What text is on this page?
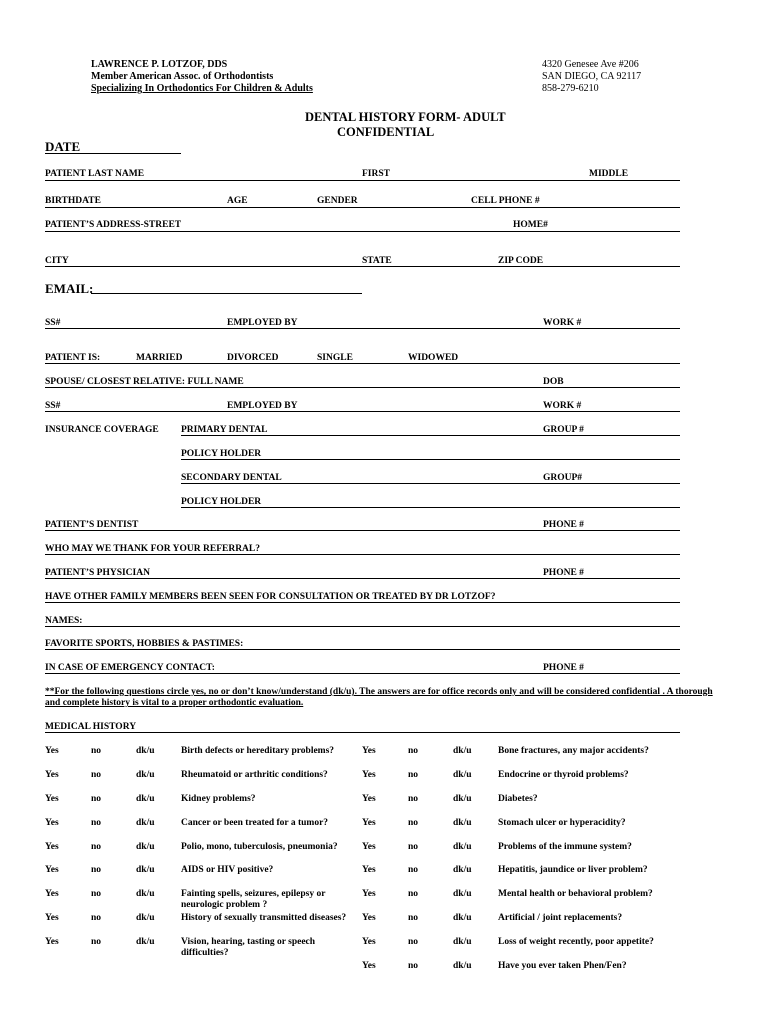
LAWRENCE P. LOTZOF, DDS
Member American Assoc. of Orthodontists
Specializing In Orthodontics For Children & Adults
4320 Genesee Ave #206
SAN DIEGO, CA 92117
858-279-6210
DENTAL HISTORY FORM- ADULT
CONFIDENTIAL
DATE
PATIENT LAST NAME	FIRST	MIDDLE
BIRTHDATE	AGE	GENDER	CELL PHONE #
PATIENT’S ADDRESS-STREET	HOME#
CITY	STATE	ZIP CODE
EMAIL:
SS#	EMPLOYED BY	WORK #
PATIENT IS:	MARRIED	DIVORCED	SINGLE	WIDOWED
SPOUSE/ CLOSEST RELATIVE: FULL NAME	DOB
SS#	EMPLOYED BY	WORK #
INSURANCE COVERAGE PRIMARY DENTAL	GROUP #
POLICY HOLDER
SECONDARY DENTAL	GROUP#
POLICY HOLDER
PATIENT’S DENTIST	PHONE #
WHO MAY WE THANK FOR YOUR REFERRAL?
PATIENT’S PHYSICIAN	PHONE #
HAVE OTHER FAMILY MEMBERS BEEN SEEN FOR CONSULTATION OR TREATED BY DR LOTZOF?
NAMES:
FAVORITE SPORTS, HOBBIES & PASTIMES:
IN CASE OF EMERGENCY CONTACT:	PHONE #
**For the following questions circle yes, no or don’t know/understand (dk/u). The answers are for office records only and will be considered confidential . A thorough and complete history is vital to a proper orthodontic evaluation.
MEDICAL HISTORY
Yes	no	dk/u	Birth defects or hereditary problems?
Yes	no	dk/u	Rheumatoid or arthritic conditions?
Yes	no	dk/u	Kidney problems?
Yes	no	dk/u	Cancer or been treated for a tumor?
Yes	no	dk/u	Polio, mono, tuberculosis, pneumonia?
Yes	no	dk/u	AIDS or HIV positive?
Yes	no	dk/u	Fainting spells, seizures, epilepsy or neurologic problem ?
Yes	no	dk/u	History of sexually transmitted diseases?
Yes	no	dk/u	Vision, hearing, tasting or speech difficulties?
Yes	no	dk/u	Bone fractures, any major accidents?
Yes	no	dk/u	Endocrine or thyroid problems?
Yes	no	dk/u	Diabetes?
Yes	no	dk/u	Stomach ulcer or hyperacidity?
Yes	no	dk/u	Problems of the immune system?
Yes	no	dk/u	Hepatitis, jaundice or liver problem?
Yes	no	dk/u	Mental health or behavioral problem?
Yes	no	dk/u	Artificial / joint replacements?
Yes	no	dk/u	Loss of weight recently, poor appetite?
Yes	no	dk/u	Have you ever taken Phen/Fen?
